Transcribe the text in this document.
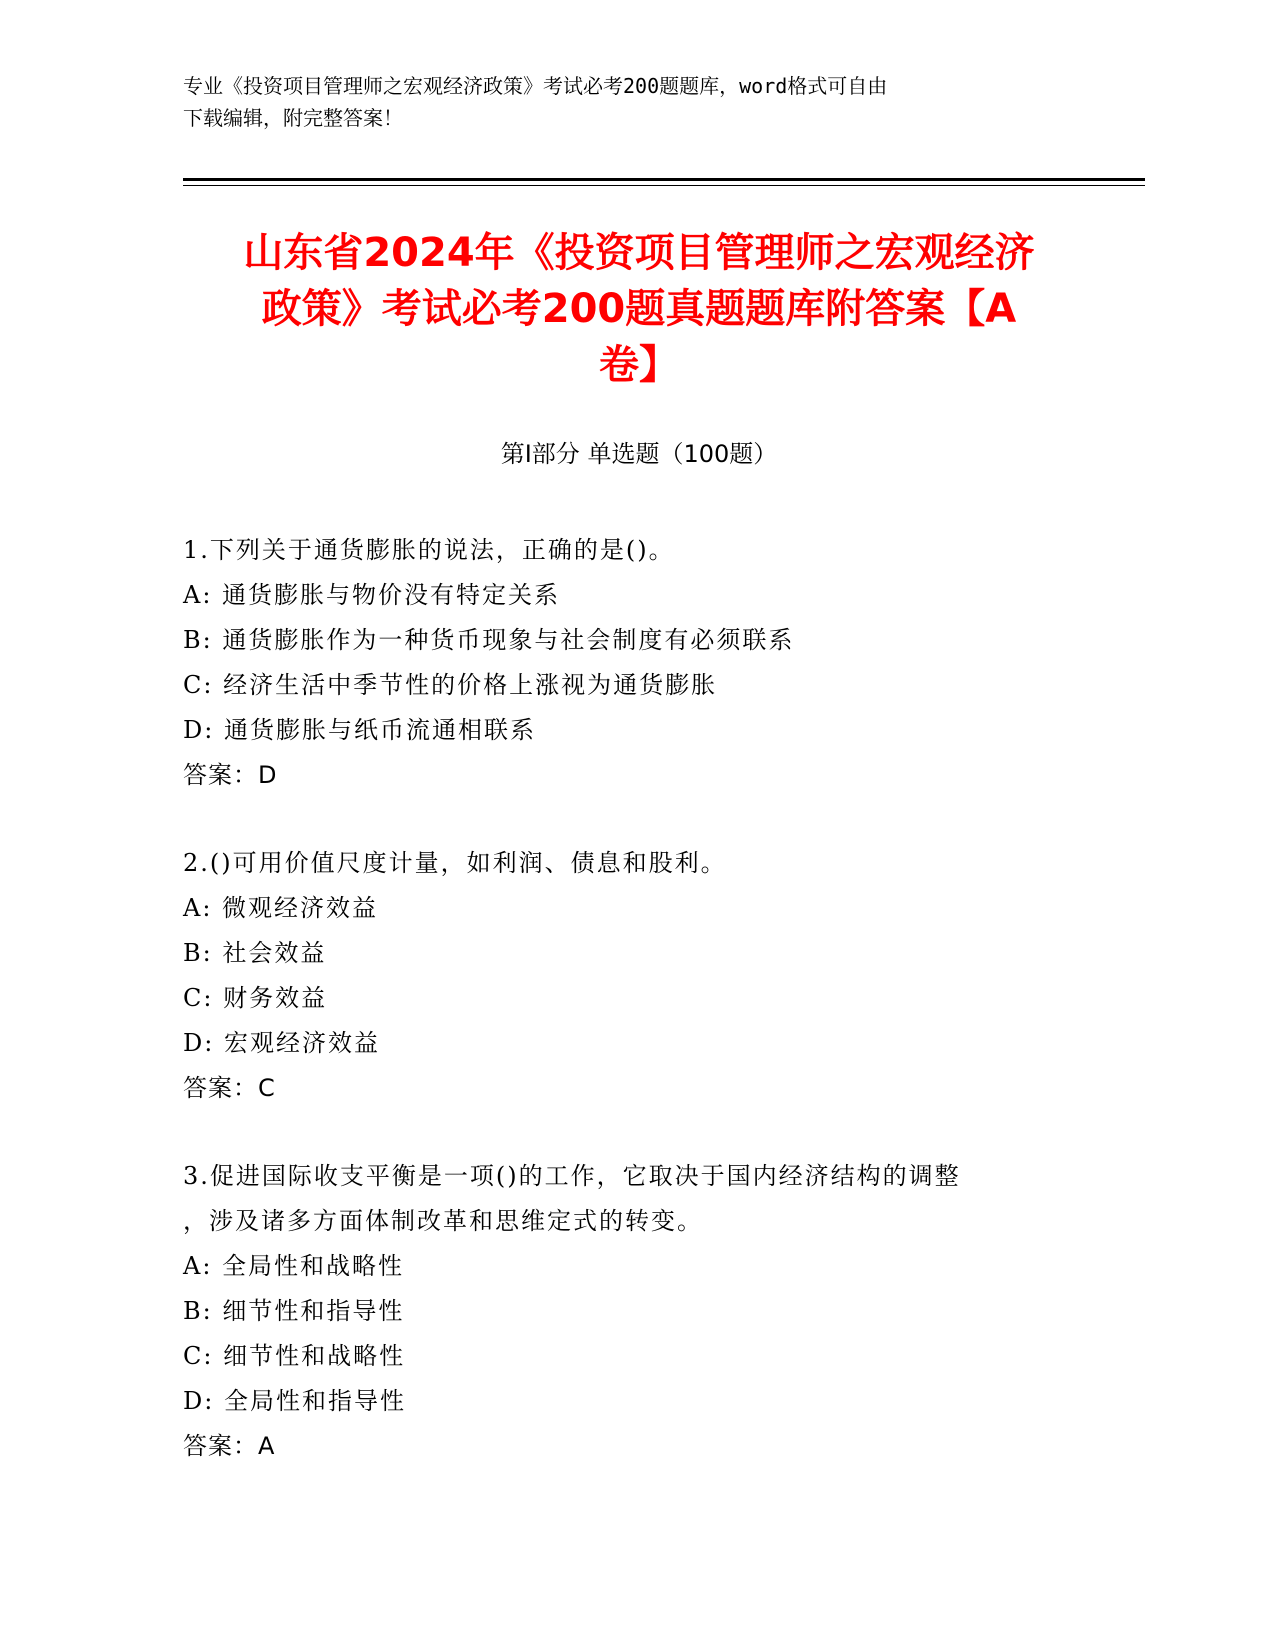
专业《投资项目管理师之宏观经济政策》考试必考200题题库，word格式可自由

下载编辑，附完整答案！

山东省2024年《投资项目管理师之宏观经济

政策》考试必考200题真题题库附答案【A

卷】

第I部分 单选题（100题）

1.下列关于通货膨胀的说法，正确的是()。

A: 通货膨胀与物价没有特定关系

B: 通货膨胀作为一种货币现象与社会制度有必须联系

C: 经济生活中季节性的价格上涨视为通货膨胀

D: 通货膨胀与纸币流通相联系

答案：D

2.()可用价值尺度计量，如利润、债息和股利。

A: 微观经济效益

B: 社会效益

C: 财务效益

D: 宏观经济效益

答案：C

3.促进国际收支平衡是一项()的工作，它取决于国内经济结构的调整

，涉及诸多方面体制改革和思维定式的转变。

A: 全局性和战略性

B: 细节性和指导性

C: 细节性和战略性

D: 全局性和指导性

答案：A
